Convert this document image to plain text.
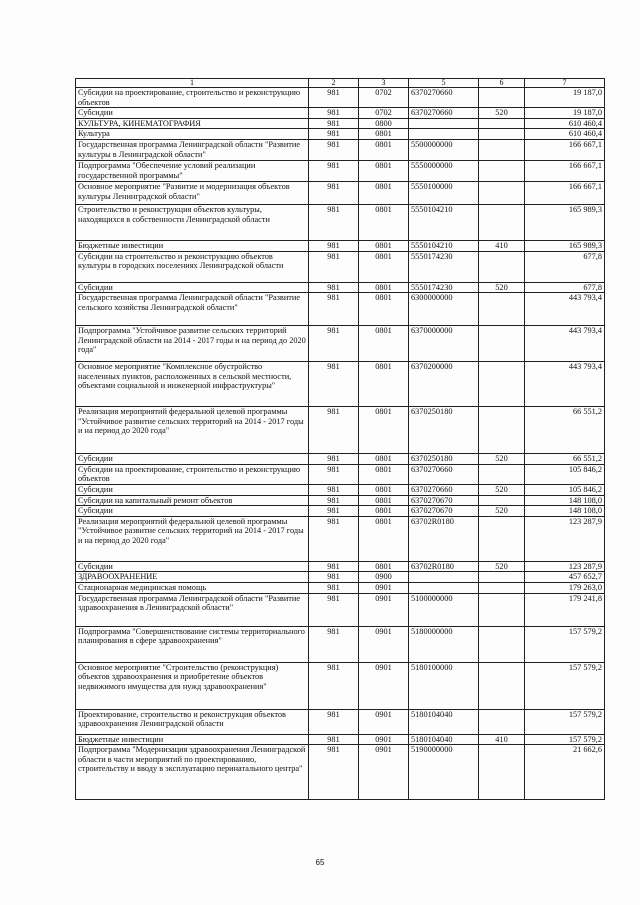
1	2	3	5	6	7
Субсидии на проектирование, строительство и реконструкцию объектов	981	0702	6370270660		19 187,0
Субсидии	981	0702	6370270660	520	19 187,0
КУЛЬТУРА, КИНЕМАТОГРАФИЯ	981	0800			610 460,4
Культура	981	0801			610 460,4
Государственная программа Ленинградской области "Развитие культуры в Ленинградской области"	981	0801	5500000000		166 667,1
Подпрограмма "Обеспечение условий реализации государственной программы"	981	0801	5550000000		166 667,1
Основное мероприятие "Развитие и модернизация объектов культуры Ленинградской области"	981	0801	5550100000		166 667,1
Строительство и реконструкция объектов культуры, находящихся в собственности Ленинградской области	981	0801	5550104210		165 989,3
Бюджетные инвестиции	981	0801	5550104210	410	165 989,3
Субсидии на строительство и реконструкцию объектов культуры в городских поселениях Ленинградской области	981	0801	5550174230		677,8
Субсидии	981	0801	5550174230	520	677,8
Государственная программа Ленинградской области "Развитие сельского хозяйства Ленинградской области"	981	0801	6300000000		443 793,4
Подпрограмма "Устойчивое развитие сельских территорий Ленинградской области на 2014 - 2017 годы и на период до 2020 года"	981	0801	6370000000		443 793,4
Основное мероприятие "Комплексное обустройство населенных пунктов, расположенных в сельской местности, объектами социальной и инженерной инфраструктуры"	981	0801	6370200000		443 793,4
Реализация мероприятий федеральной целевой программы "Устойчивое развитие сельских территорий на 2014 - 2017 годы и на период до 2020 года"	981	0801	6370250180		66 551,2
Субсидии	981	0801	6370250180	520	66 551,2
Субсидии на проектирование, строительство и реконструкцию объектов	981	0801	6370270660		105 846,2
Субсидии	981	0801	6370270660	520	105 846,2
Субсидии на капитальный ремонт объектов	981	0801	6370270670		148 108,0
Субсидии	981	0801	6370270670	520	148 108,0
Реализация мероприятий федеральной целевой программы "Устойчивое развитие сельских территорий на 2014 - 2017 годы и на период до 2020 года"	981	0801	63702R0180		123 287,9
Субсидии	981	0801	63702R0180	520	123 287,9
ЗДРАВООХРАНЕНИЕ	981	0900			457 652,7
Стационарная медицинская помощь	981	0901			179 263,0
Государственная программа Ленинградской области "Развитие здравоохранения в Ленинградской области"	981	0901	5100000000		179 241,8
Подпрограмма "Совершенствование системы территориального планирования в сфере здравоохранения"	981	0901	5180000000		157 579,2
Основное мероприятие "Строительство (реконструкция) объектов здравоохранения и приобретение объектов недвижимого имущества для нужд здравоохранения"	981	0901	5180100000		157 579,2
Проектирование, строительство и реконструкция объектов здравоохранения Ленинградской области	981	0901	5180104040		157 579,2
Бюджетные инвестиции	981	0901	5180104040	410	157 579,2
Подпрограмма "Модернизация здравоохранения Ленинградской области в части мероприятий по проектированию, строительству и вводу в эксплуатацию перинатального центра"	981	0901	5190000000		21 662,6
65
